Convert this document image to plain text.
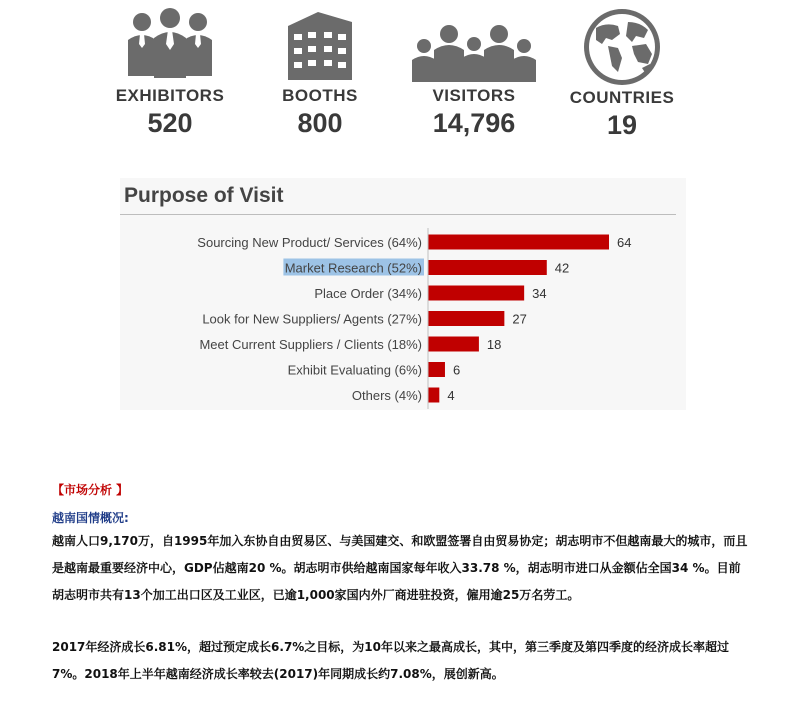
EXHIBITORS
520
BOOTHS
800
VISITORS
14,796
COUNTRIES
19
Purpose of Visit
Sourcing New Product/ Services (64%)	64
Market Research (52%)	42
Place Order (34%)	34
Look for New Suppliers/ Agents (27%)	27
Meet Current Suppliers / Clients (18%)	18
Exhibit Evaluating (6%) 6
Others (4%) 4
【市场分析 】
越南国情概况:
越南人口9,170万，自1995年加入东协自由贸易区、与美国建交、和欧盟签署自由贸易协定；胡志明市不但越南最大的城市，而且是越南最重要经济中心，GDP佔越南20 %。胡志明市供给越南国家每年收入33.78 %，胡志明市进口从金额佔全国34 %。目前胡志明市共有13个加工出口区及工业区，已逾1,000家国内外厂商进驻投资，僱用逾25万名劳工。
2017年经济成长6.81%，超过预定成长6.7%之目标，为10年以来之最高成长，其中，第三季度及第四季度的经济成长率超过7%。2018年上半年越南经济成长率较去(2017)年同期成长约7.08%，展创新高。
